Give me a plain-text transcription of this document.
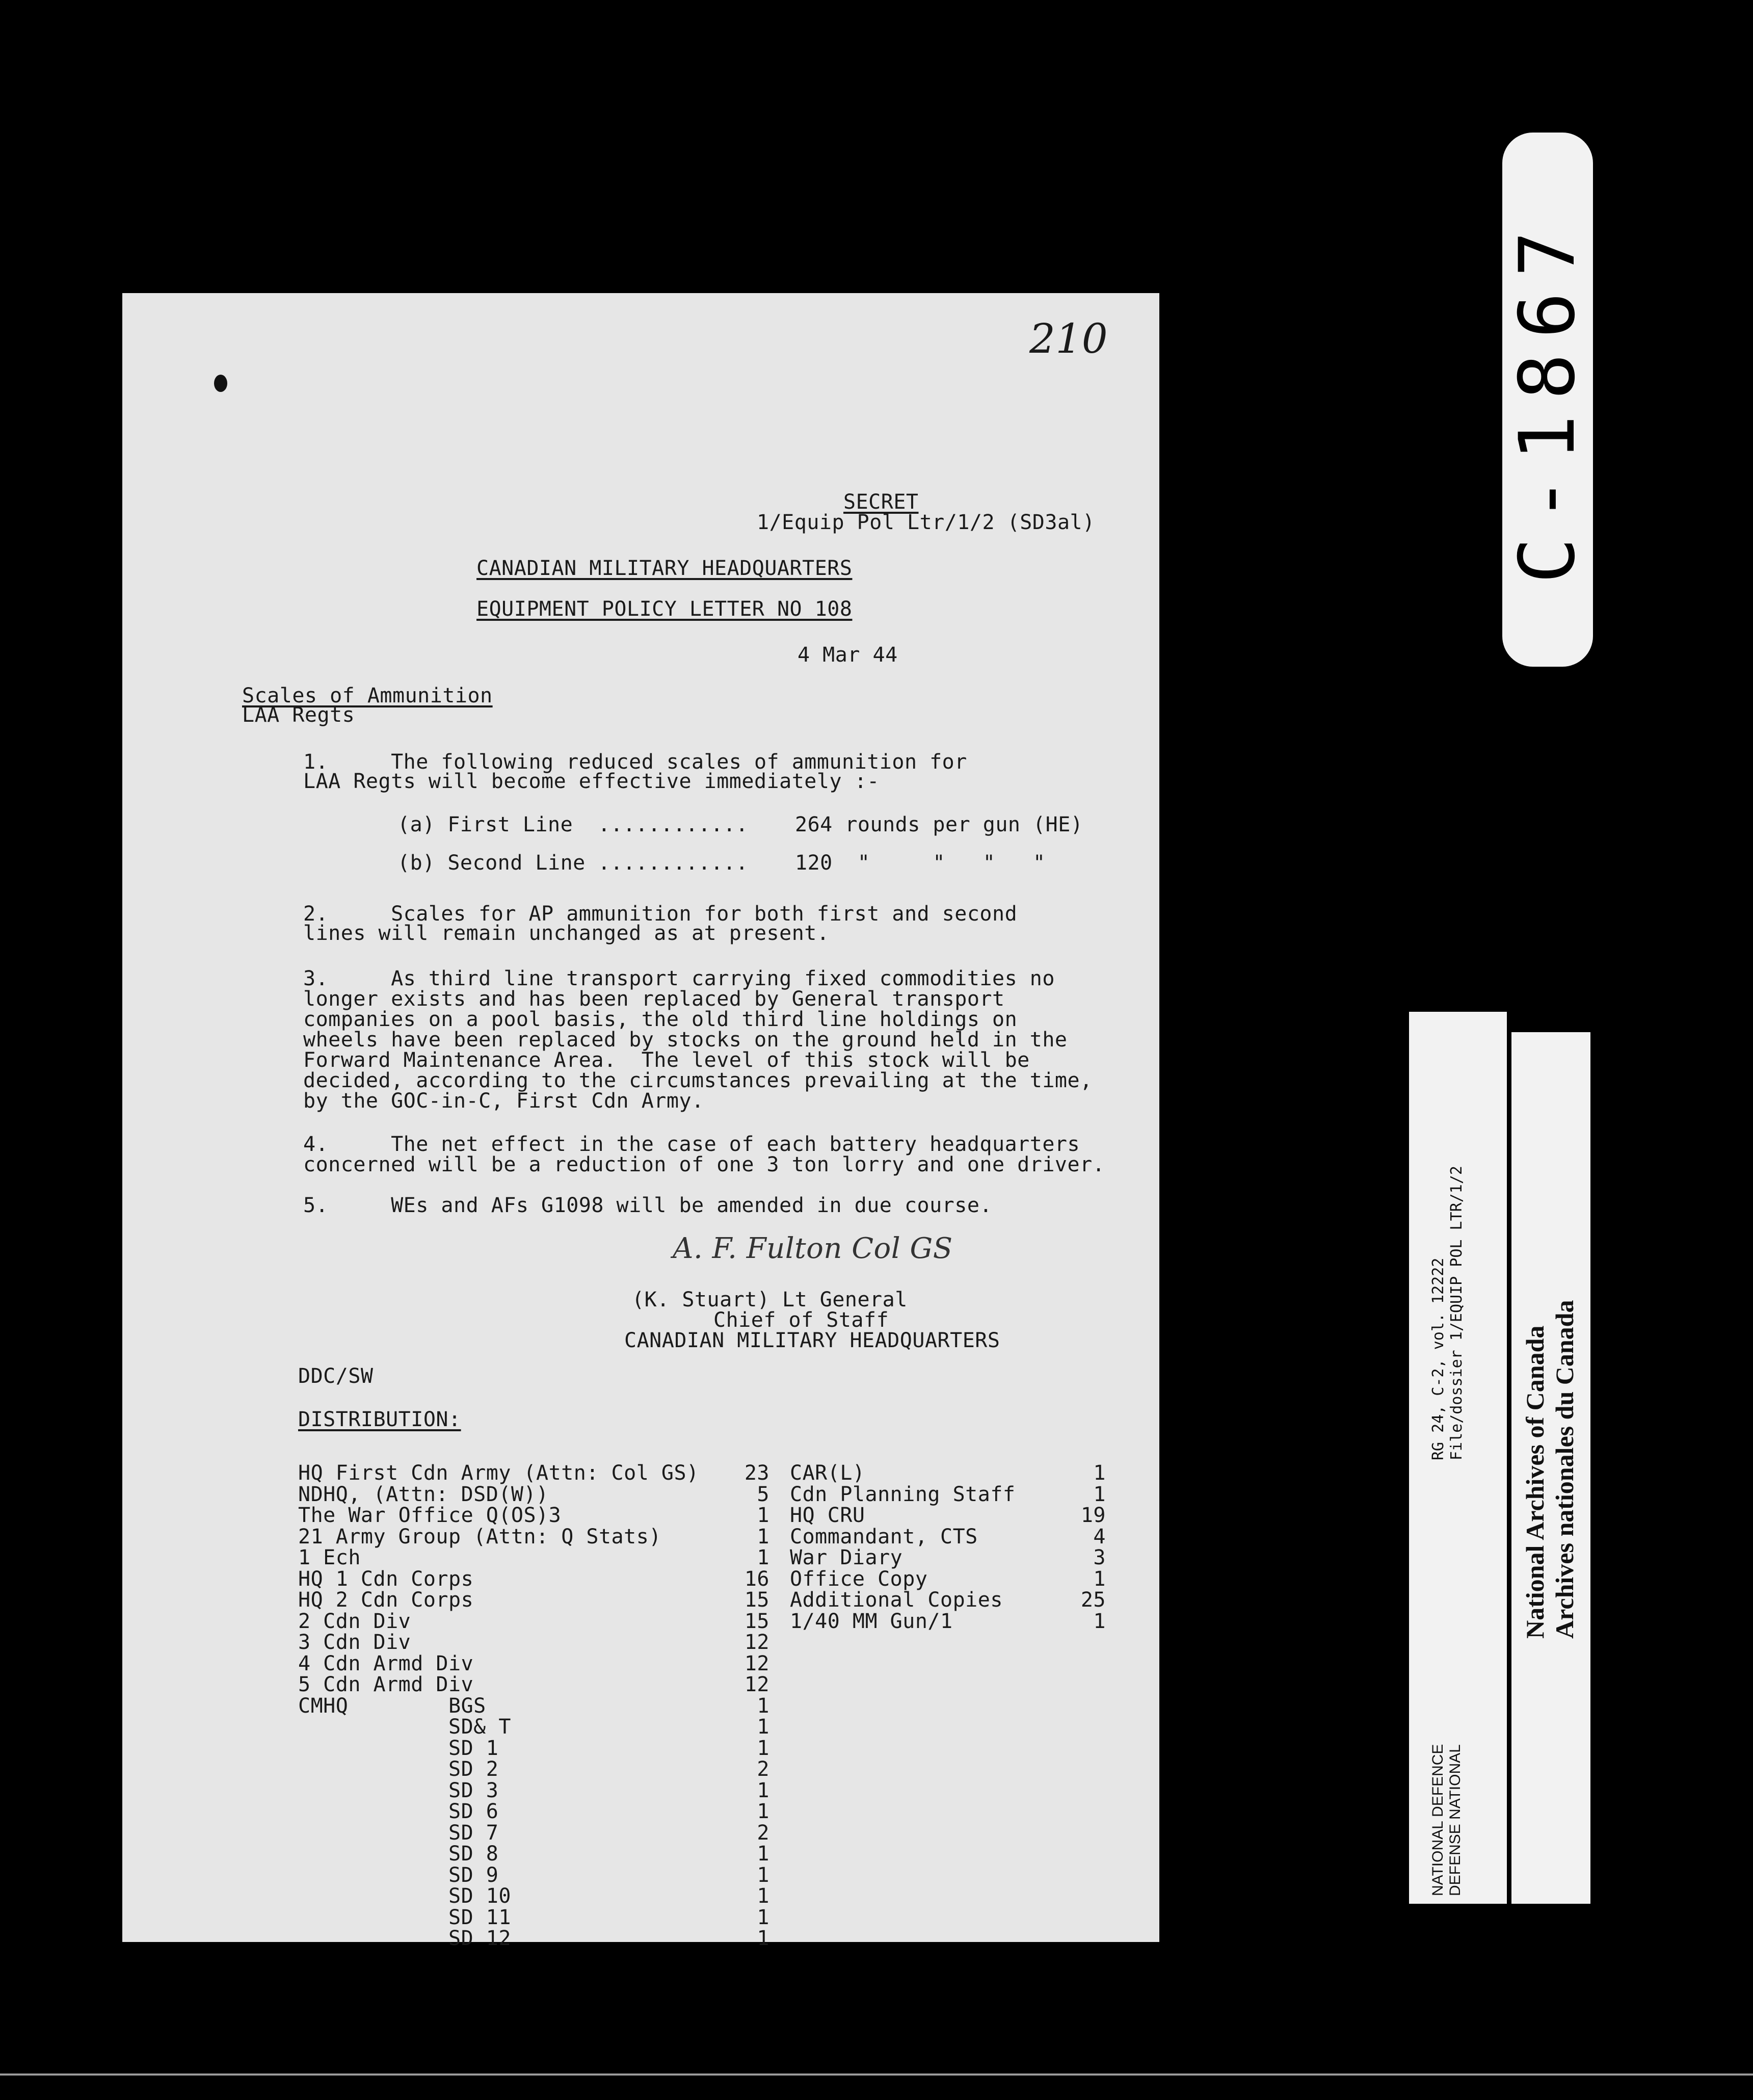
C-1867
RG 24, C-2, vol. 12222 File/dossier 1/EQUIP POL LTR/1/2
NATIONAL DEFENCE DEFENSE NATIONAL
National Archives of Canada Archives nationales du Canada
210
SECRET
1/Equip Pol Ltr/1/2 (SD3al)
CANADIAN MILITARY HEADQUARTERS
EQUIPMENT POLICY LETTER NO 108
4 Mar 44
Scales of Ammunition
LAA Regts
1.     The following reduced scales of ammunition for
LAA Regts will become effective immediately :-
(a) First Line  ............ 264 rounds per gun (HE)
(b) Second Line ............ 120  "     "   "   "
2.     Scales for AP ammunition for both first and second
lines will remain unchanged as at present.
3.     As third line transport carrying fixed commodities no
longer exists and has been replaced by General transport
companies on a pool basis, the old third line holdings on
wheels have been replaced by stocks on the ground held in the
Forward Maintenance Area.  The level of this stock will be
decided, according to the circumstances prevailing at the time,
by the GOC-in-C, First Cdn Army.
4.     The net effect in the case of each battery headquarters
concerned will be a reduction of one 3 ton lorry and one driver.
5.     WEs and AFs G1098 will be amended in due course.
A. F. Fulton Col GS
(K. Stuart) Lt General
Chief of Staff
CANADIAN MILITARY HEADQUARTERS
DDC/SW
DISTRIBUTION:
HQ First Cdn Army (Attn: Col GS)	23
NDHQ, (Attn: DSD(W))	5
The War Office Q(OS)3	1
21 Army Group (Attn: Q Stats)	1
1 Ech	1
HQ 1 Cdn Corps	16
HQ 2 Cdn Corps	15
2 Cdn Div	15
3 Cdn Div	12
4 Cdn Armd Div	12
5 Cdn Armd Div	12
CMHQ        BGS	1
SD& T	1
SD 1	1
SD 2	2
SD 3	1
SD 6	1
SD 7	2
SD 8	1
SD 9	1
SD 10	1
SD 11	1
SD 12	1
CAR(L)	1
Cdn Planning Staff	1
HQ CRU	19
Commandant, CTS	4
War Diary	3
Office Copy	1
Additional Copies	25
1/40 MM Gun/1	1
